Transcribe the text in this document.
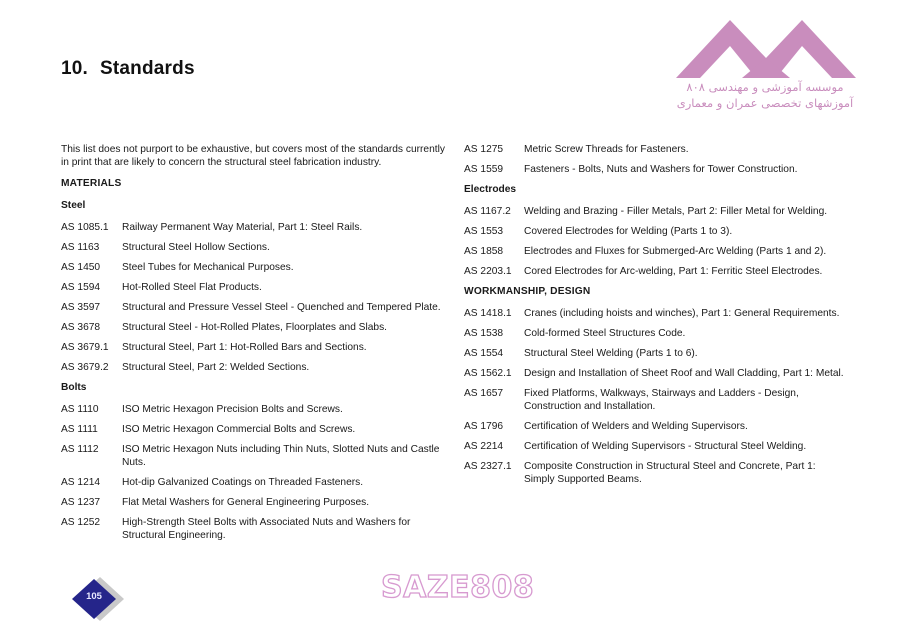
10. Standards
موسسه آموزشی و مهندسی ۸۰۸
آموزشهای تخصصی عمران و معماری

This list does not purport to be exhaustive, but covers most of the standards currently in print that are likely to concern the structural steel fabrication industry.

MATERIALS
Steel
AS 1085.1	Railway Permanent Way Material, Part 1: Steel Rails.
AS 1163	Structural Steel Hollow Sections.
AS 1450	Steel Tubes for Mechanical Purposes.
AS 1594	Hot-Rolled Steel Flat Products.
AS 3597	Structural and Pressure Vessel Steel - Quenched and Tempered Plate.
AS 3678	Structural Steel - Hot-Rolled Plates, Floorplates and Slabs.
AS 3679.1	Structural Steel, Part 1: Hot-Rolled Bars and Sections.
AS 3679.2	Structural Steel, Part 2: Welded Sections.
Bolts
AS 1110	ISO Metric Hexagon Precision Bolts and Screws.
AS 1111	ISO Metric Hexagon Commercial Bolts and Screws.
AS 1112	ISO Metric Hexagon Nuts including Thin Nuts, Slotted Nuts and Castle Nuts.
AS 1214	Hot-dip Galvanized Coatings on Threaded Fasteners.
AS 1237	Flat Metal Washers for General Engineering Purposes.
AS 1252	High-Strength Steel Bolts with Associated Nuts and Washers for Structural Engineering.
AS 1275	Metric Screw Threads for Fasteners.
AS 1559	Fasteners - Bolts, Nuts and Washers for Tower Construction.
Electrodes
AS 1167.2	Welding and Brazing - Filler Metals, Part 2: Filler Metal for Welding.
AS 1553	Covered Electrodes for Welding (Parts 1 to 3).
AS 1858	Electrodes and Fluxes for Submerged-Arc Welding (Parts 1 and 2).
AS 2203.1	Cored Electrodes for Arc-welding, Part 1: Ferritic Steel Electrodes.
WORKMANSHIP, DESIGN
AS 1418.1	Cranes (including hoists and winches), Part 1: General Requirements.
AS 1538	Cold-formed Steel Structures Code.
AS 1554	Structural Steel Welding (Parts 1 to 6).
AS 1562.1	Design and Installation of Sheet Roof and Wall Cladding, Part 1: Metal.
AS 1657	Fixed Platforms, Walkways, Stairways and Ladders - Design, Construction and Installation.
AS 1796	Certification of Welders and Welding Supervisors.
AS 2214	Certification of Welding Supervisors - Structural Steel Welding.
AS 2327.1	Composite Construction in Structural Steel and Concrete, Part 1: Simply Supported Beams.
105	SAZE808
